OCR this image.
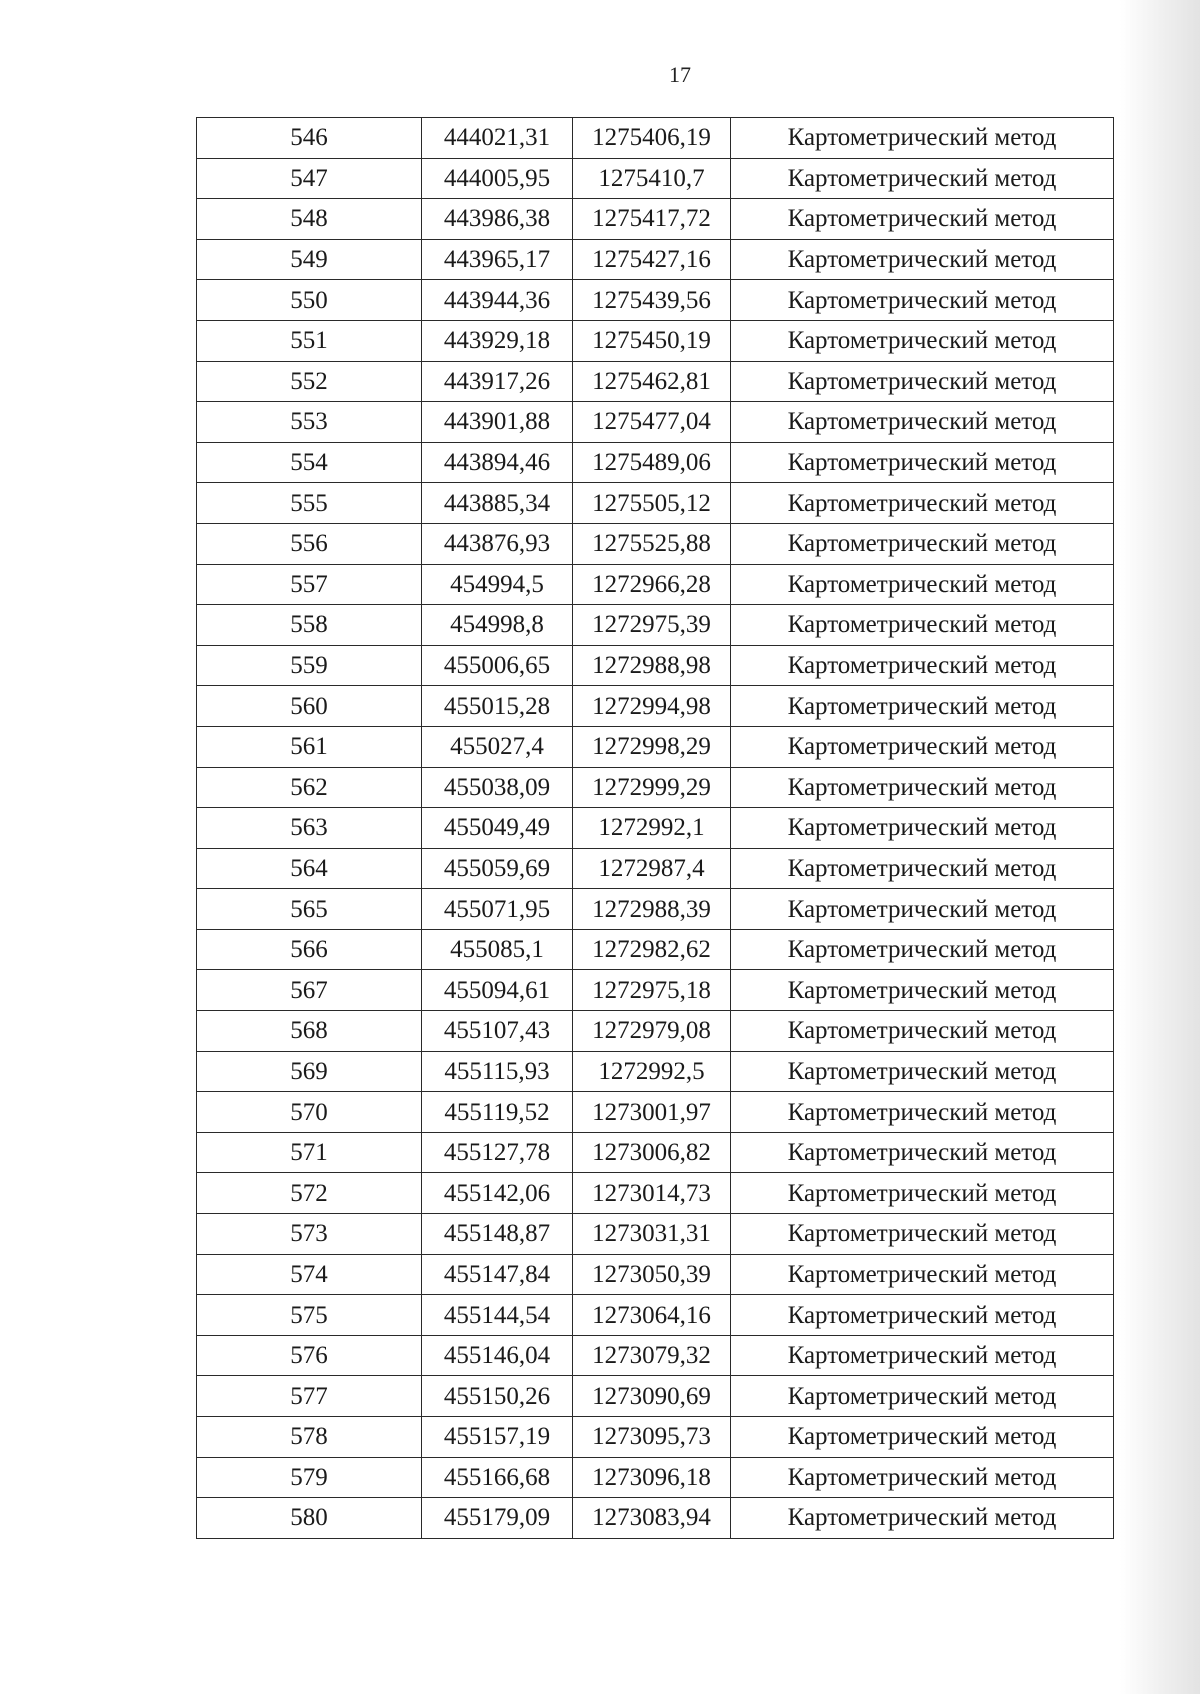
17
546	444021,31	1275406,19	Картометрический метод
547	444005,95	1275410,7	Картометрический метод
548	443986,38	1275417,72	Картометрический метод
549	443965,17	1275427,16	Картометрический метод
550	443944,36	1275439,56	Картометрический метод
551	443929,18	1275450,19	Картометрический метод
552	443917,26	1275462,81	Картометрический метод
553	443901,88	1275477,04	Картометрический метод
554	443894,46	1275489,06	Картометрический метод
555	443885,34	1275505,12	Картометрический метод
556	443876,93	1275525,88	Картометрический метод
557	454994,5	1272966,28	Картометрический метод
558	454998,8	1272975,39	Картометрический метод
559	455006,65	1272988,98	Картометрический метод
560	455015,28	1272994,98	Картометрический метод
561	455027,4	1272998,29	Картометрический метод
562	455038,09	1272999,29	Картометрический метод
563	455049,49	1272992,1	Картометрический метод
564	455059,69	1272987,4	Картометрический метод
565	455071,95	1272988,39	Картометрический метод
566	455085,1	1272982,62	Картометрический метод
567	455094,61	1272975,18	Картометрический метод
568	455107,43	1272979,08	Картометрический метод
569	455115,93	1272992,5	Картометрический метод
570	455119,52	1273001,97	Картометрический метод
571	455127,78	1273006,82	Картометрический метод
572	455142,06	1273014,73	Картометрический метод
573	455148,87	1273031,31	Картометрический метод
574	455147,84	1273050,39	Картометрический метод
575	455144,54	1273064,16	Картометрический метод
576	455146,04	1273079,32	Картометрический метод
577	455150,26	1273090,69	Картометрический метод
578	455157,19	1273095,73	Картометрический метод
579	455166,68	1273096,18	Картометрический метод
580	455179,09	1273083,94	Картометрический метод
